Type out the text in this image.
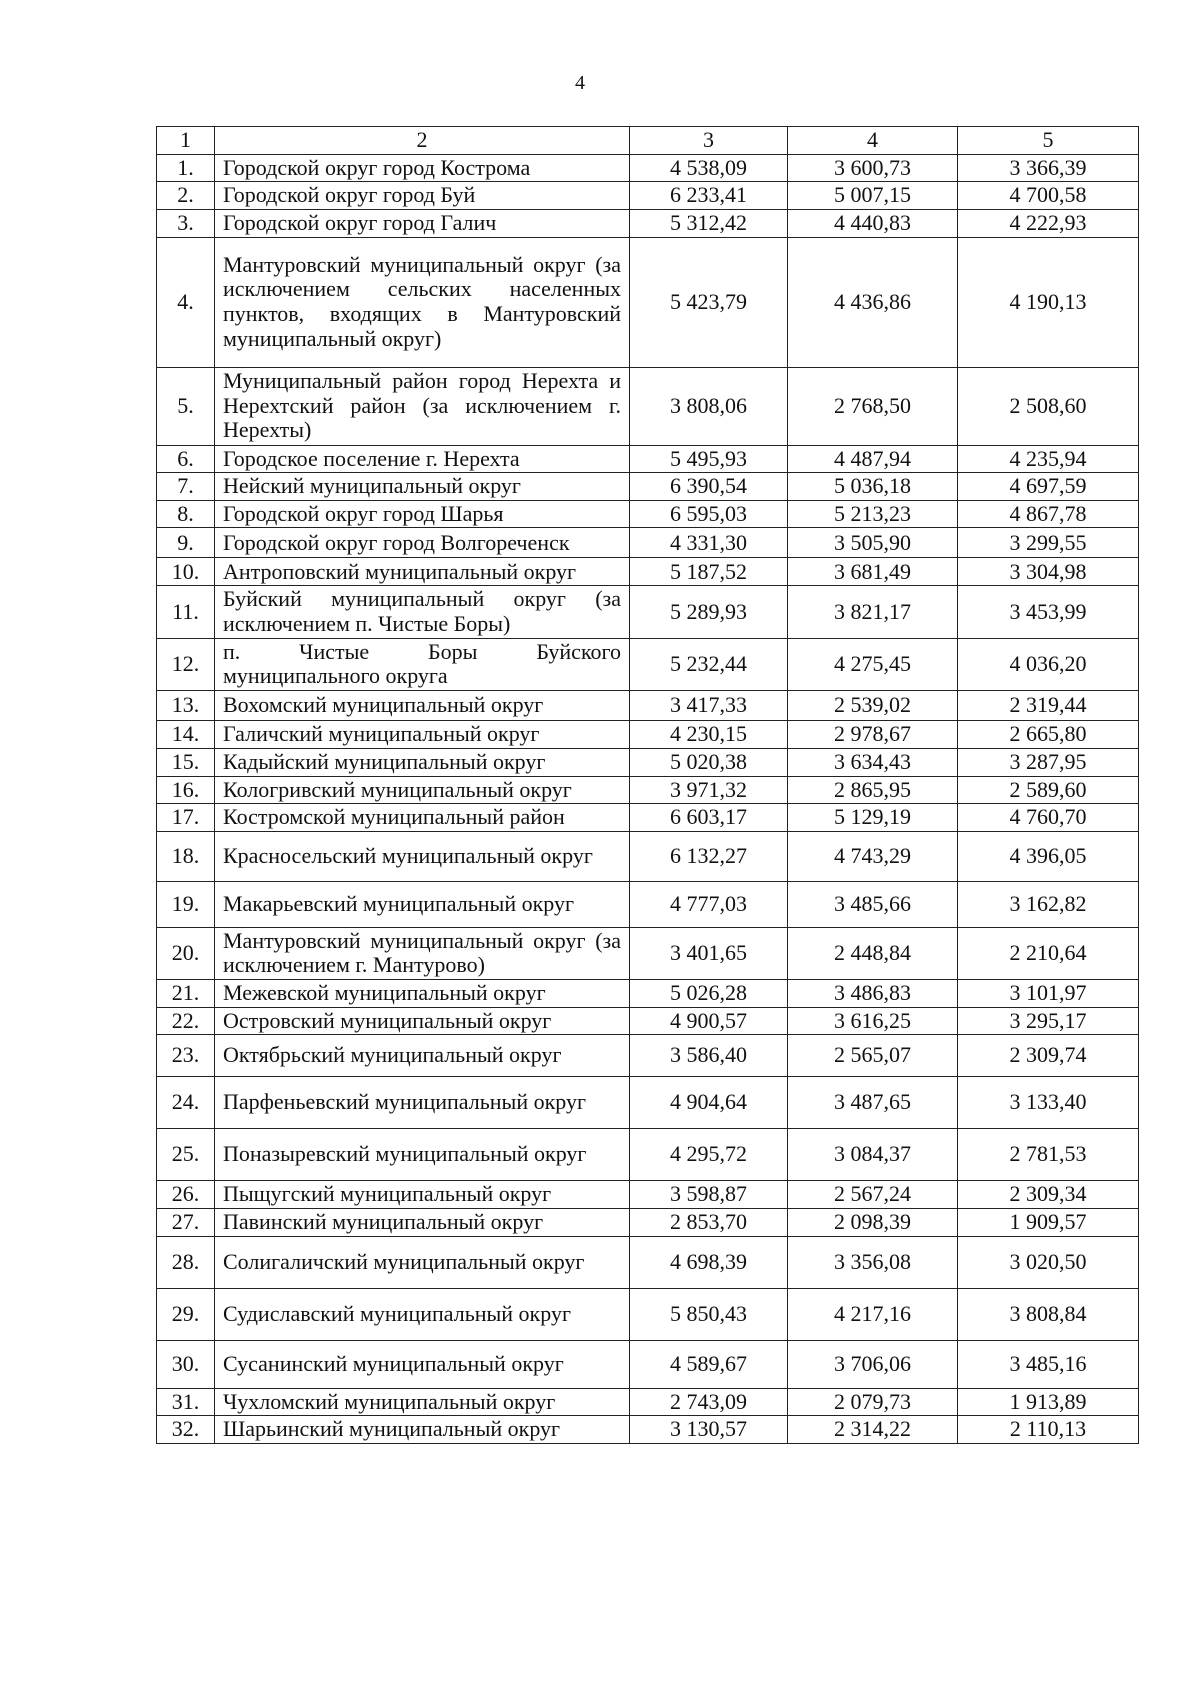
4
1	2	3	4	5
1.	Городской округ город Кострома	4 538,09	3 600,73	3 366,39
2.	Городской округ город Буй	6 233,41	5 007,15	4 700,58
3.	Городской округ город Галич	5 312,42	4 440,83	4 222,93
4.	Мантуровский муниципальный округ (за исключением сельских населенных пунктов, входящих в Мантуровский муниципальный округ)	5 423,79	4 436,86	4 190,13
5.	Муниципальный район город Нерехта и Нерехтский район (за исключением г. Нерехты)	3 808,06	2 768,50	2 508,60
6.	Городское поселение г. Нерехта	5 495,93	4 487,94	4 235,94
7.	Нейский муниципальный округ	6 390,54	5 036,18	4 697,59
8.	Городской округ город Шарья	6 595,03	5 213,23	4 867,78
9.	Городской округ город Волгореченск	4 331,30	3 505,90	3 299,55
10.	Антроповский муниципальный округ	5 187,52	3 681,49	3 304,98
11.	Буйский муниципальный округ (за исключением п. Чистые Боры)	5 289,93	3 821,17	3 453,99
12.	п. Чистые Боры Буйского муниципального округа	5 232,44	4 275,45	4 036,20
13.	Вохомский муниципальный округ	3 417,33	2 539,02	2 319,44
14.	Галичский муниципальный округ	4 230,15	2 978,67	2 665,80
15.	Кадыйский муниципальный округ	5 020,38	3 634,43	3 287,95
16.	Кологривский муниципальный округ	3 971,32	2 865,95	2 589,60
17.	Костромской муниципальный район	6 603,17	5 129,19	4 760,70
18.	Красносельский муниципальный округ	6 132,27	4 743,29	4 396,05
19.	Макарьевский муниципальный округ	4 777,03	3 485,66	3 162,82
20.	Мантуровский муниципальный округ (за исключением г. Мантурово)	3 401,65	2 448,84	2 210,64
21.	Межевской муниципальный округ	5 026,28	3 486,83	3 101,97
22.	Островский муниципальный округ	4 900,57	3 616,25	3 295,17
23.	Октябрьский муниципальный округ	3 586,40	2 565,07	2 309,74
24.	Парфеньевский муниципальный округ	4 904,64	3 487,65	3 133,40
25.	Поназыревский муниципальный округ	4 295,72	3 084,37	2 781,53
26.	Пыщугский муниципальный округ	3 598,87	2 567,24	2 309,34
27.	Павинский муниципальный округ	2 853,70	2 098,39	1 909,57
28.	Солигаличский муниципальный округ	4 698,39	3 356,08	3 020,50
29.	Судиславский муниципальный округ	5 850,43	4 217,16	3 808,84
30.	Сусанинский муниципальный округ	4 589,67	3 706,06	3 485,16
31.	Чухломский муниципальный округ	2 743,09	2 079,73	1 913,89
32.	Шарьинский муниципальный округ	3 130,57	2 314,22	2 110,13
